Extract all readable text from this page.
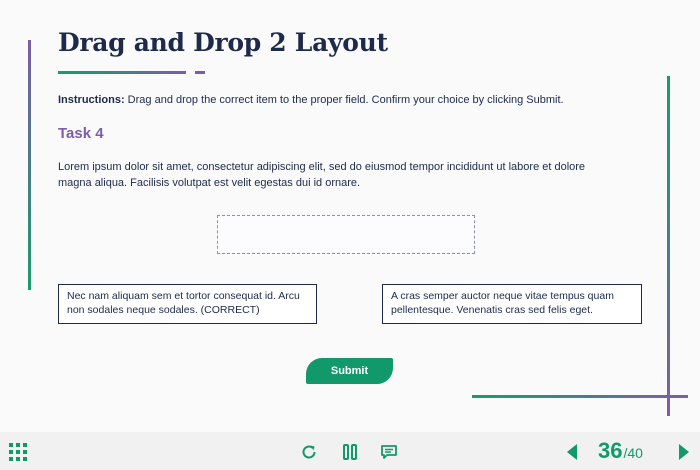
Drag and Drop 2 Layout
Instructions: Drag and drop the correct item to the proper field. Confirm your choice by clicking Submit.
Task 4
Lorem ipsum dolor sit amet, consectetur adipiscing elit, sed do eiusmod tempor incididunt ut labore et dolore magna aliqua. Facilisis volutpat est velit egestas dui id ornare.
Nec nam aliquam sem et tortor consequat id. Arcu non sodales neque sodales. (CORRECT)
A cras semper auctor neque vitae tempus quam pellentesque. Venenatis cras sed felis eget.
Submit
36 / 40
